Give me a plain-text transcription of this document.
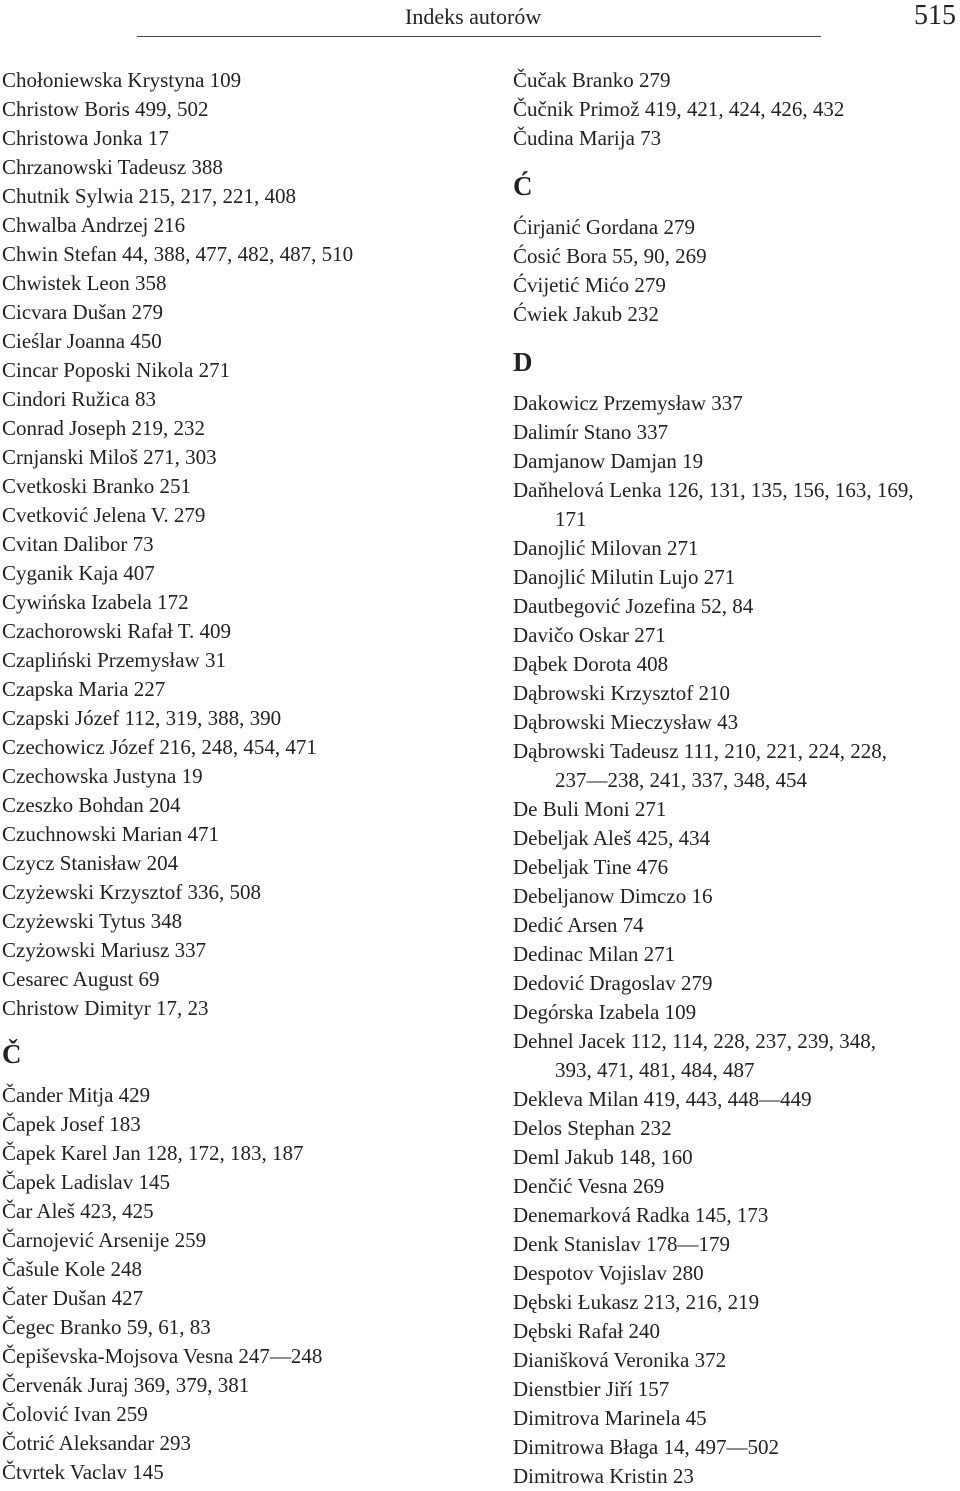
Indeks autorów	515
Chołoniewska Krystyna 109
Christow Boris 499, 502
Christowa Jonka 17
Chrzanowski Tadeusz 388
Chutnik Sylwia 215, 217, 221, 408
Chwalba Andrzej 216
Chwin Stefan 44, 388, 477, 482, 487, 510
Chwistek Leon 358
Cicvara Dušan 279
Cieślar Joanna 450
Cincar Poposki Nikola 271
Cindori Ružica 83
Conrad Joseph 219, 232
Crnjanski Miloš 271, 303
Cvetkoski Branko 251
Cvetković Jelena V. 279
Cvitan Dalibor 73
Cyganik Kaja 407
Cywińska Izabela 172
Czachorowski Rafał T. 409
Czapliński Przemysław 31
Czapska Maria 227
Czapski Józef 112, 319, 388, 390
Czechowicz Józef 216, 248, 454, 471
Czechowska Justyna 19
Czeszko Bohdan 204
Czuchnowski Marian 471
Czycz Stanisław 204
Czyżewski Krzysztof 336, 508
Czyżewski Tytus 348
Czyżowski Mariusz 337
Cesarec August 69
Christow Dimityr 17, 23
Č
Čander Mitja 429
Čapek Josef 183
Čapek Karel Jan 128, 172, 183, 187
Čapek Ladislav 145
Čar Aleš 423, 425
Čarnojević Arsenije 259
Čašule Kole 248
Čater Dušan 427
Čegec Branko 59, 61, 83
Čepiševska-Mojsova Vesna 247—248
Červenák Juraj 369, 379, 381
Čolović Ivan 259
Čotrić Aleksandar 293
Čtvrtek Vaclav 145
Čučak Branko 279
Čučnik Primož 419, 421, 424, 426, 432
Čudina Marija 73
Ć
Ćirjanić Gordana 279
Ćosić Bora 55, 90, 269
Ćvijetić Mićo 279
Ćwiek Jakub 232
D
Dakowicz Przemysław 337
Dalimír Stano 337
Damjanow Damjan 19
Daňhelová Lenka 126, 131, 135, 156, 163, 169,
171
Danojlić Milovan 271
Danojlić Milutin Lujo 271
Dautbegović Jozefina 52, 84
Davičo Oskar 271
Dąbek Dorota 408
Dąbrowski Krzysztof 210
Dąbrowski Mieczysław 43
Dąbrowski Tadeusz 111, 210, 221, 224, 228,
237—238, 241, 337, 348, 454
De Buli Moni 271
Debeljak Aleš 425, 434
Debeljak Tine 476
Debeljanow Dimczo 16
Dedić Arsen 74
Dedinac Milan 271
Dedović Dragoslav 279
Degórska Izabela 109
Dehnel Jacek 112, 114, 228, 237, 239, 348,
393, 471, 481, 484, 487
Dekleva Milan 419, 443, 448—449
Delos Stephan 232
Deml Jakub 148, 160
Denčić Vesna 269
Denemarková Radka 145, 173
Denk Stanislav 178—179
Despotov Vojislav 280
Dębski Łukasz 213, 216, 219
Dębski Rafał 240
Dianišková Veronika 372
Dienstbier Jiří 157
Dimitrova Marinela 45
Dimitrowa Błaga 14, 497—502
Dimitrowa Kristin 23
